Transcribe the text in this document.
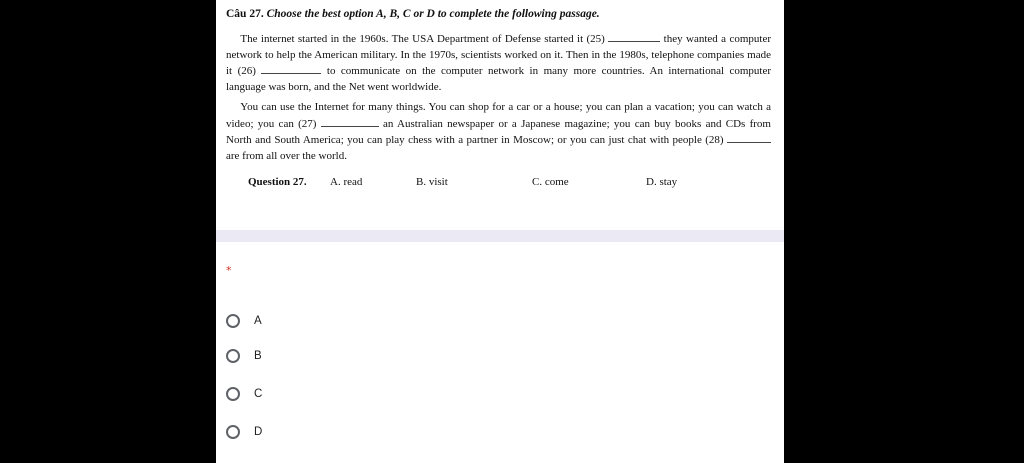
Câu 27. Choose the best option A, B, C or D to complete the following passage.
  The internet started in the 1960s. The USA Department of Defense started it (25)	they wanted a computer network to help the American military. In the 1970s, scientists worked on it. Then in the 1980s, telephone companies made it (26)	to communicate on the computer network in many more countries. An international computer language was born, and the Net went worldwide.
  You can use the Internet for many things. You can shop for a car or a house; you can plan a vacation; you can watch a video; you can (27)	an Australian newspaper or a Japanese magazine; you can buy books and CDs from North and South America; you can play chess with a partner in Moscow; or you can just chat with people (28)  are from all over the world.
Question 27. A. read	B. visit	C. come	D. stay
*
A
B
C
D
